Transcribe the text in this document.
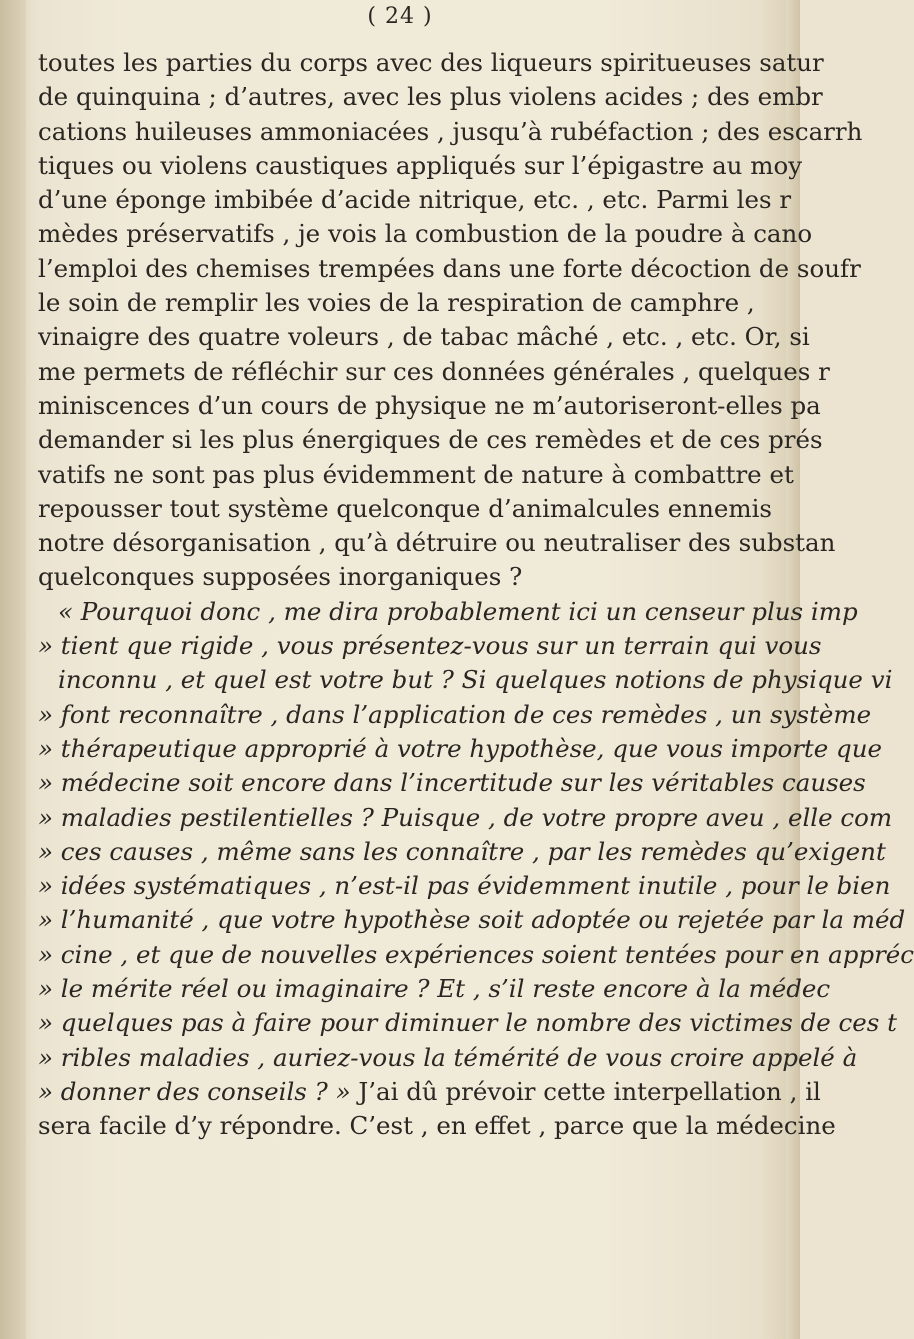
( 24 )
toutes les parties du corps avec des liqueurs spiritueuses satur
de quinquina ; d’autres, avec les plus violens acides ; des embr
cations huileuses ammoniacées , jusqu’à rubéfaction ; des escarrh
tiques ou violens caustiques appliqués sur l’épigastre au moy
d’une éponge imbibée d’acide nitrique, etc. , etc. Parmi les r
mèdes préservatifs , je vois la combustion de la poudre à cano
l’emploi des chemises trempées dans une forte décoction de soufr
le soin de remplir les voies de la respiration de camphre ,
vinaigre des quatre voleurs , de tabac mâché , etc. , etc. Or, si
me permets de réfléchir sur ces données générales , quelques r
miniscences d’un cours de physique ne m’autoriseront-elles pa
demander si les plus énergiques de ces remèdes et de ces prés
vatifs ne sont pas plus évidemment de nature à combattre et
repousser tout système quelconque d’animalcules ennemis
notre désorganisation , qu’à détruire ou neutraliser des substan
quelconques supposées inorganiques ?
« Pourquoi donc , me dira probablement ici un censeur plus imp
» tient que rigide , vous présentez-vous sur un terrain qui vous
inconnu , et quel est votre but ? Si quelques notions de physique vi
» font reconnaître , dans l’application de ces remèdes , un système
» thérapeutique approprié à votre hypothèse, que vous importe que
» médecine soit encore dans l’incertitude sur les véritables causes
» maladies pestilentielles ? Puisque , de votre propre aveu , elle com
» ces causes , même sans les connaître , par les remèdes qu’exigent
» idées systématiques , n’est-il pas évidemment inutile , pour le bien
» l’humanité , que votre hypothèse soit adoptée ou rejetée par la méd
» cine , et que de nouvelles expériences soient tentées pour en appréc
» le mérite réel ou imaginaire ? Et , s’il reste encore à la médec
» quelques pas à faire pour diminuer le nombre des victimes de ces t
» ribles maladies , auriez-vous la témérité de vous croire appelé à
» donner des conseils ? » J’ai dû prévoir cette interpellation , il
sera facile d’y répondre. C’est , en effet , parce que la médecine
